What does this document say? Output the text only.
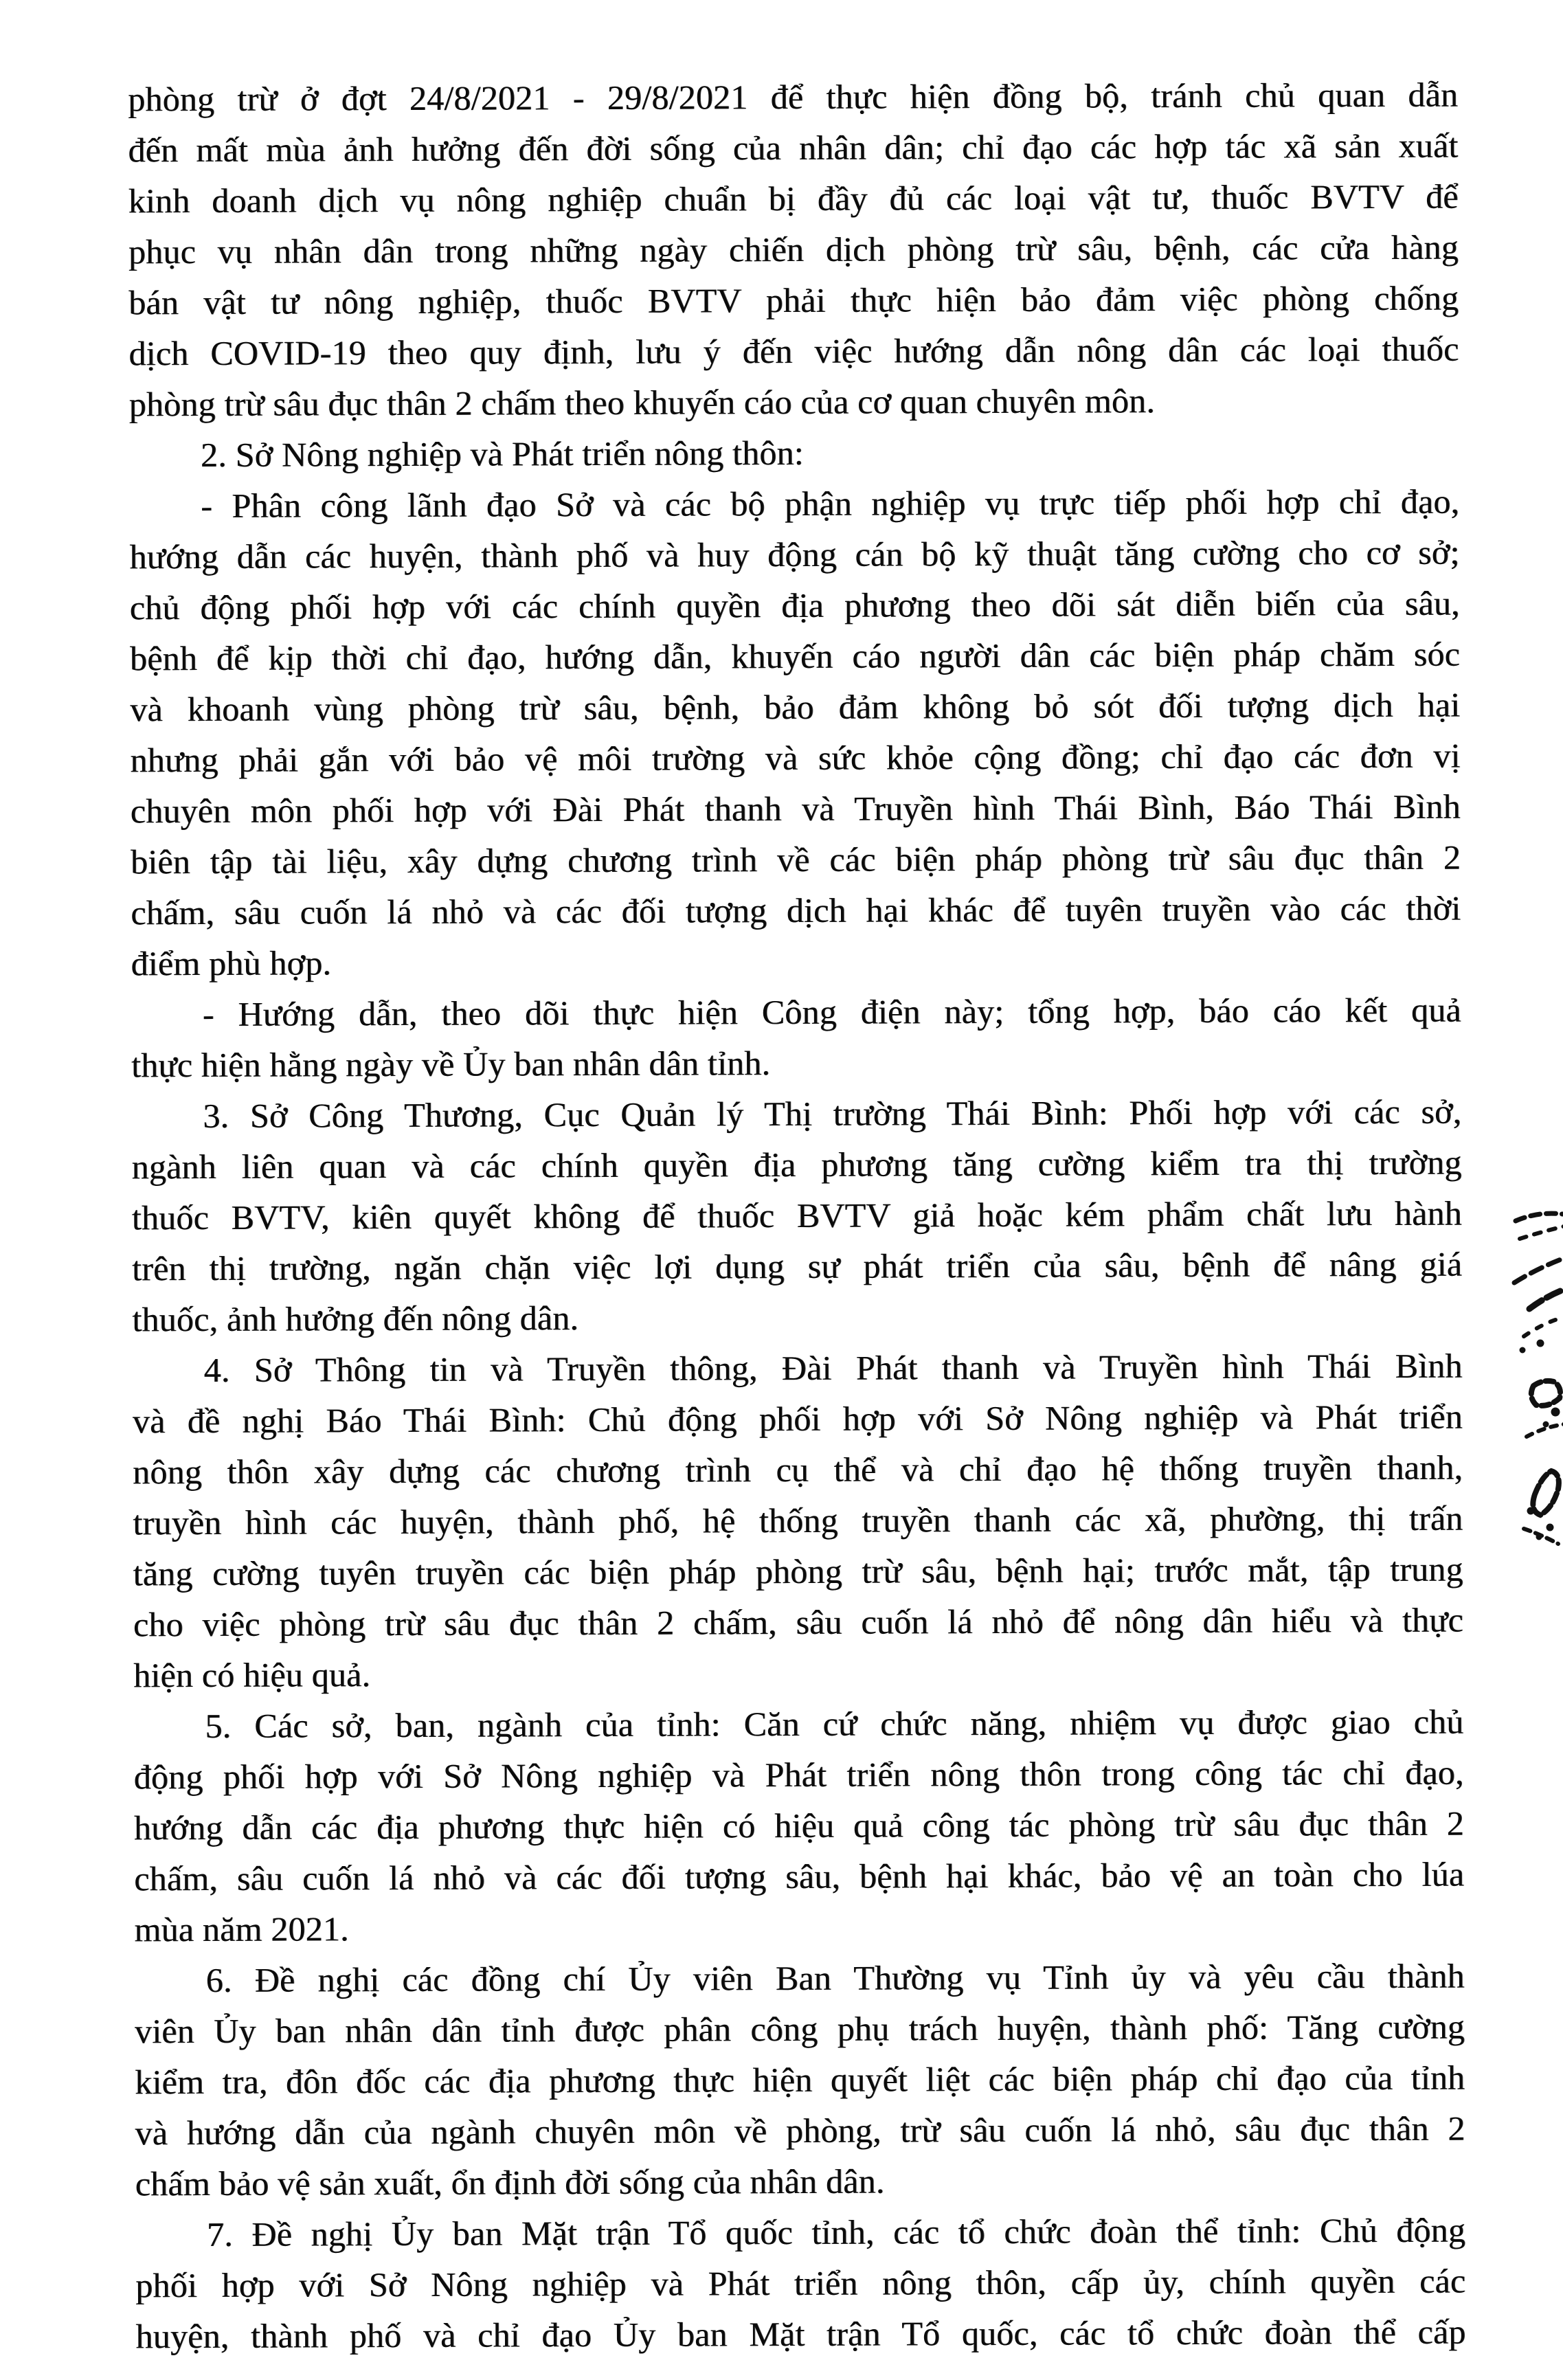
phòng trừ ở đợt 24/8/2021 - 29/8/2021 để thực hiện đồng bộ, tránh chủ quan dẫn
đến mất mùa ảnh hưởng đến đời sống của nhân dân; chỉ đạo các hợp tác xã sản xuất
kinh doanh dịch vụ nông nghiệp chuẩn bị đầy đủ các loại vật tư, thuốc BVTV để
phục vụ nhân dân trong những ngày chiến dịch phòng trừ sâu, bệnh, các cửa hàng
bán vật tư nông nghiệp, thuốc BVTV phải thực hiện bảo đảm việc phòng chống
dịch COVID-19 theo quy định, lưu ý đến việc hướng dẫn nông dân các loại thuốc
phòng trừ sâu đục thân 2 chấm theo khuyến cáo của cơ quan chuyên môn.

2. Sở Nông nghiệp và Phát triển nông thôn:

- Phân công lãnh đạo Sở và các bộ phận nghiệp vụ trực tiếp phối hợp chỉ đạo,
hướng dẫn các huyện, thành phố và huy động cán bộ kỹ thuật tăng cường cho cơ sở;
chủ động phối hợp với các chính quyền địa phương theo dõi sát diễn biến của sâu,
bệnh để kịp thời chỉ đạo, hướng dẫn, khuyến cáo người dân các biện pháp chăm sóc
và khoanh vùng phòng trừ sâu, bệnh, bảo đảm không bỏ sót đối tượng dịch hại
nhưng phải gắn với bảo vệ môi trường và sức khỏe cộng đồng; chỉ đạo các đơn vị
chuyên môn phối hợp với Đài Phát thanh và Truyền hình Thái Bình, Báo Thái Bình
biên tập tài liệu, xây dựng chương trình về các biện pháp phòng trừ sâu đục thân 2
chấm, sâu cuốn lá nhỏ và các đối tượng dịch hại khác để tuyên truyền vào các thời
điểm phù hợp.

- Hướng dẫn, theo dõi thực hiện Công điện này; tổng hợp, báo cáo kết quả
thực hiện hằng ngày về Ủy ban nhân dân tỉnh.

3. Sở Công Thương, Cục Quản lý Thị trường Thái Bình: Phối hợp với các sở,
ngành liên quan và các chính quyền địa phương tăng cường kiểm tra thị trường
thuốc BVTV, kiên quyết không để thuốc BVTV giả hoặc kém phẩm chất lưu hành
trên thị trường, ngăn chặn việc lợi dụng sự phát triển của sâu, bệnh để nâng giá
thuốc, ảnh hưởng đến nông dân.

4. Sở Thông tin và Truyền thông, Đài Phát thanh và Truyền hình Thái Bình
và đề nghị Báo Thái Bình: Chủ động phối hợp với Sở Nông nghiệp và Phát triển
nông thôn xây dựng các chương trình cụ thể và chỉ đạo hệ thống truyền thanh,
truyền hình các huyện, thành phố, hệ thống truyền thanh các xã, phường, thị trấn
tăng cường tuyên truyền các biện pháp phòng trừ sâu, bệnh hại; trước mắt, tập trung
cho việc phòng trừ sâu đục thân 2 chấm, sâu cuốn lá nhỏ để nông dân hiểu và thực
hiện có hiệu quả.

5. Các sở, ban, ngành của tỉnh: Căn cứ chức năng, nhiệm vụ được giao chủ
động phối hợp với Sở Nông nghiệp và Phát triển nông thôn trong công tác chỉ đạo,
hướng dẫn các địa phương thực hiện có hiệu quả công tác phòng trừ sâu đục thân 2
chấm, sâu cuốn lá nhỏ và các đối tượng sâu, bệnh hại khác, bảo vệ an toàn cho lúa
mùa năm 2021.

6. Đề nghị các đồng chí Ủy viên Ban Thường vụ Tỉnh ủy và yêu cầu thành
viên Ủy ban nhân dân tỉnh được phân công phụ trách huyện, thành phố: Tăng cường
kiểm tra, đôn đốc các địa phương thực hiện quyết liệt các biện pháp chỉ đạo của tỉnh
và hướng dẫn của ngành chuyên môn về phòng, trừ sâu cuốn lá nhỏ, sâu đục thân 2
chấm bảo vệ sản xuất, ổn định đời sống của nhân dân.

7. Đề nghị Ủy ban Mặt trận Tổ quốc tỉnh, các tổ chức đoàn thể tỉnh: Chủ động
phối hợp với Sở Nông nghiệp và Phát triển nông thôn, cấp ủy, chính quyền các
huyện, thành phố và chỉ đạo Ủy ban Mặt trận Tổ quốc, các tổ chức đoàn thể cấp
